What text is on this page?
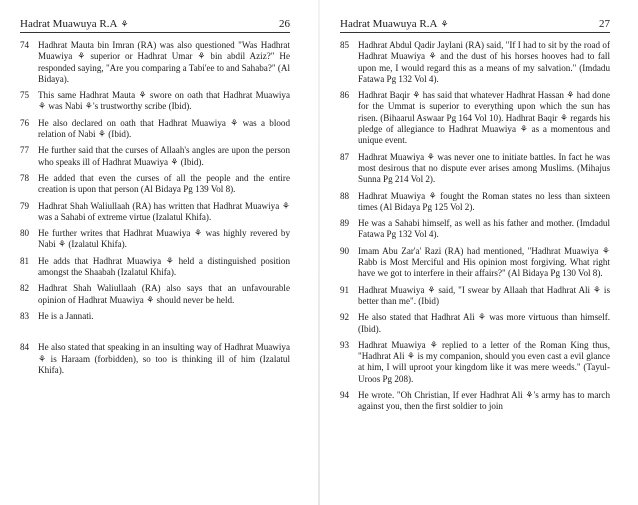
Hadrat Muawuya R.A ⚘	26
74 Hadhrat Mauta bin Imran (RA) was also questioned "Was Hadhrat Muawiya ⚘ superior or Hadhrat Umar ⚘ bin abdil Aziz?" He responded saying, "Are you comparing a Tabi'ee to and Sahaba?" (Al Bidaya).
75 This same Hadhrat Mauta ⚘ swore on oath that Hadhrat Muawiya ⚘ was Nabi ⚘'s trustworthy scribe (Ibid).
76 He also declared on oath that Hadhrat Muawiya ⚘ was a blood relation of Nabi ⚘ (Ibid).
77 He further said that the curses of Allaah's angles are upon the person who speaks ill of Hadhrat Muawiya ⚘ (Ibid).
78 He added that even the curses of all the people and the entire creation is upon that person (Al Bidaya Pg 139 Vol 8).
79 Hadhrat Shah Waliullaah (RA) has written that Hadhrat Muawiya ⚘ was a Sahabi of extreme virtue (Izalatul Khifa).
80 He further writes that Hadhrat Muawiya ⚘ was highly revered by Nabi ⚘ (Izalatul Khifa).
81 He adds that Hadhrat Muawiya ⚘ held a distinguished position amongst the Shaabah (Izalatul Khifa).
82 Hadhrat Shah Waliullaah (RA) also says that an unfavourable opinion of Hadhrat Muawiya ⚘ should never be held.
83 He is a Jannati.
84 He also stated that speaking in an insulting way of Hadhrat Muawiya ⚘ is Haraam (forbidden), so too is thinking ill of him (Izalatul Khifa).
Hadrat Muawuya R.A ⚘	27
85 Hadhrat Abdul Qadir Jaylani (RA) said, "If I had to sit by the road of Hadhrat Muawiya ⚘ and the dust of his horses hooves had to fall upon me, I would regard this as a means of my salvation." (Imdadu Fatawa Pg 132 Vol 4).
86 Hadhrat Baqir ⚘ has said that whatever Hadhrat Hassan ⚘ had done for the Ummat is superior to everything upon which the sun has risen. (Bihaarul Aswaar Pg 164 Vol 10). Hadhrat Baqir ⚘ regards his pledge of allegiance to Hadhrat Muawiya ⚘ as a momentous and unique event.
87 Hadhrat Muawiya ⚘ was never one to initiate battles. In fact he was most desirous that no dispute ever arises among Muslims. (Mihajus Sunna Pg 214 Vol 2).
88 Hadhrat Muawiya ⚘ fought the Roman states no less than sixteen times (Al Bidaya Pg 125 Vol 2).
89 He was a Sahabi himself, as well as his father and mother. (Imdadul Fatawa Pg 132 Vol 4).
90 Imam Abu Zar'a' Razi (RA) had mentioned, "Hadhrat Muawiya ⚘ Rabb is Most Merciful and His opinion most forgiving. What right have we got to interfere in their affairs?" (Al Bidaya Pg 130 Vol 8).
91 Hadhrat Muawiya ⚘ said, "I swear by Allaah that Hadhrat Ali ⚘ is better than me". (Ibid)
92 He also stated that Hadhrat Ali ⚘ was more virtuous than himself. (Ibid).
93 Hadhrat Muawiya ⚘ replied to a letter of the Roman King thus, "Hadhrat Ali ⚘ is my companion, should you even cast a evil glance at him, I will uproot your kingdom like it was mere weeds." (Tayul-Uroos Pg 208).
94 He wrote. "Oh Christian, If ever Hadhrat Ali ⚘'s army has to march against you, then the first soldier to join
